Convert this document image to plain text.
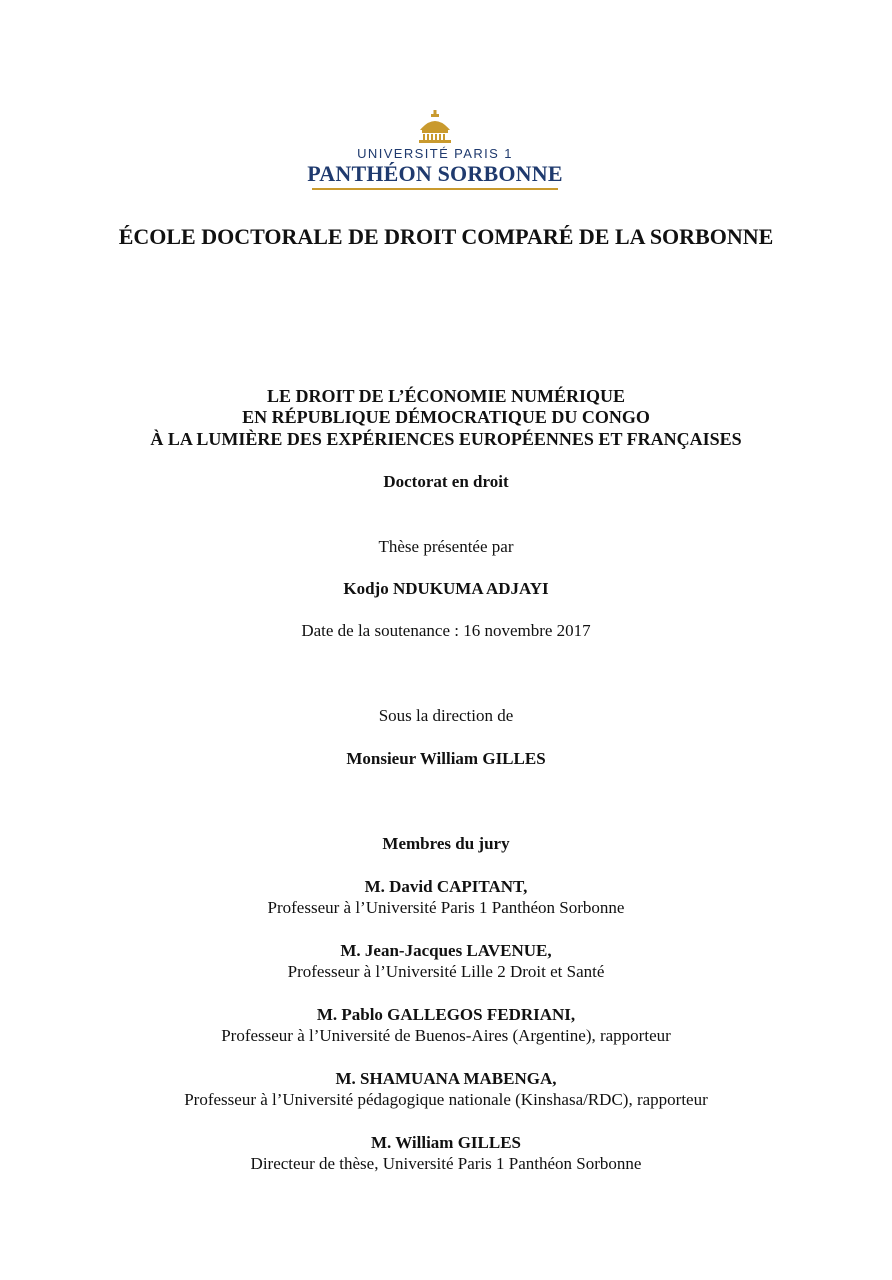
UNIVERSITÉ PARIS 1
PANTHÉON SORBONNE
ÉCOLE DOCTORALE DE DROIT COMPARÉ DE LA SORBONNE
LE DROIT DE L’ÉCONOMIE NUMÉRIQUE
EN RÉPUBLIQUE DÉMOCRATIQUE DU CONGO
À LA LUMIÈRE DES EXPÉRIENCES EUROPÉENNES ET FRANÇAISES
Doctorat en droit
Thèse présentée par
Kodjo NDUKUMA ADJAYI
Date de la soutenance : 16 novembre 2017
Sous la direction de
Monsieur William GILLES
Membres du jury
M. David CAPITANT,
Professeur à l’Université Paris 1 Panthéon Sorbonne
M. Jean-Jacques LAVENUE,
Professeur à l’Université Lille 2 Droit et Santé
M. Pablo GALLEGOS FEDRIANI,
Professeur à l’Université de Buenos-Aires (Argentine), rapporteur
M. SHAMUANA MABENGA,
Professeur à l’Université pédagogique nationale (Kinshasa/RDC), rapporteur
M. William GILLES
Directeur de thèse, Université Paris 1 Panthéon Sorbonne
